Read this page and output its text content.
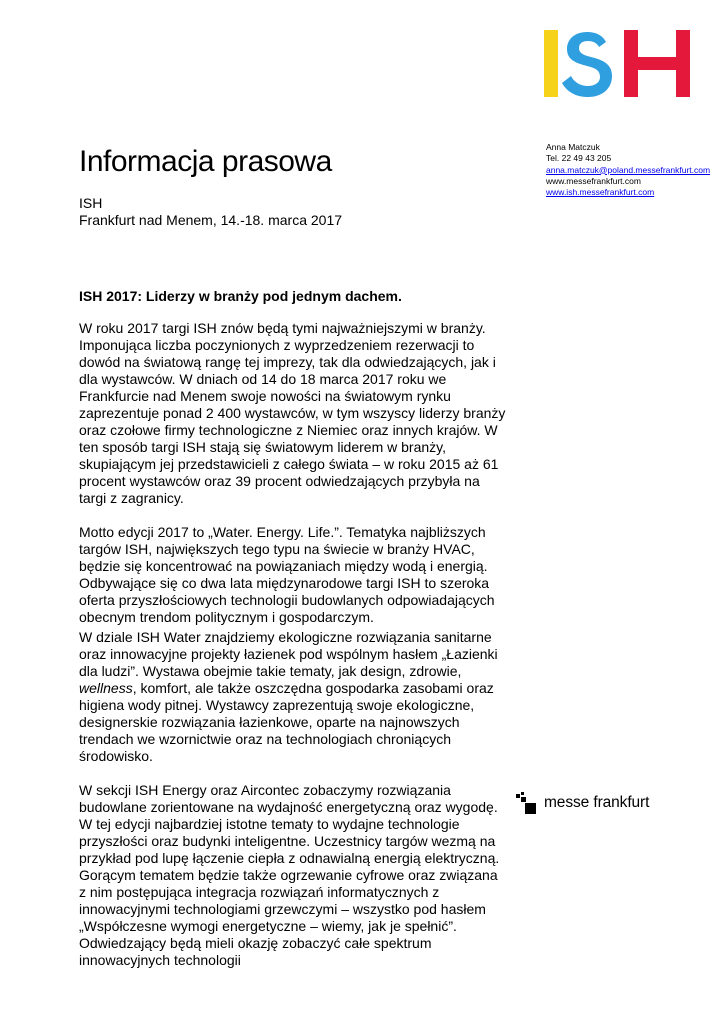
Informacja prasowa	Anna Matczuk
Tel. 22 49 43 205
anna.matczuk@poland.messefrankfurt.com
www.messefrankfurt.com
www.ish.messefrankfurt.com
ISH
Frankfurt nad Menem, 14.-18. marca 2017
ISH 2017: Liderzy w branży pod jednym dachem.

W roku 2017 targi ISH znów będą tymi najważniejszymi w branży. Imponująca liczba poczynionych z wyprzedzeniem rezerwacji to dowód na światową rangę tej imprezy, tak dla odwiedzających, jak i dla wystawców. W dniach od 14 do 18 marca 2017 roku we Frankfurcie nad Menem swoje nowości na światowym rynku zaprezentuje ponad 2 400 wystawców, w tym wszyscy liderzy branży oraz czołowe firmy technologiczne z Niemiec oraz innych krajów. W ten sposób targi ISH stają się światowym liderem w branży, skupiającym jej przedstawicieli z całego świata – w roku 2015 aż 61 procent wystawców oraz 39 procent odwiedzających przybyła na targi z zagranicy.

Motto edycji 2017 to „Water. Energy. Life.”. Tematyka najbliższych targów ISH, największych tego typu na świecie w branży HVAC, będzie się koncentrować na powiązaniach między wodą i energią. Odbywające się co dwa lata międzynarodowe targi ISH to szeroka oferta przyszłościowych technologii budowlanych odpowiadających obecnym trendom politycznym i gospodarczym.

W dziale ISH Water znajdziemy ekologiczne rozwiązania sanitarne oraz innowacyjne projekty łazienek pod wspólnym hasłem „Łazienki dla ludzi”. Wystawa obejmie takie tematy, jak design, zdrowie, wellness, komfort, ale także oszczędna gospodarka zasobami oraz higiena wody pitnej. Wystawcy zaprezentują swoje ekologiczne, designerskie rozwiązania łazienkowe, oparte na najnowszych trendach we wzornictwie oraz na technologiach chroniących środowisko.

W sekcji ISH Energy oraz Aircontec zobaczymy rozwiązania budowlane zorientowane na wydajność energetyczną oraz wygodę. W tej edycji najbardziej istotne tematy to wydajne technologie przyszłości oraz budynki inteligentne. Uczestnicy targów wezmą na przykład pod lupę łączenie ciepła z odnawialną energią elektryczną. Gorącym tematem będzie także ogrzewanie cyfrowe oraz związana z nim postępująca integracja rozwiązań informatycznych z innowacyjnymi technologiami grzewczymi – wszystko pod hasłem „Współczesne wymogi energetyczne – wiemy, jak je spełnić”. Odwiedzający będą mieli okazję zobaczyć całe spektrum innowacyjnych technologii

messe frankfurt
